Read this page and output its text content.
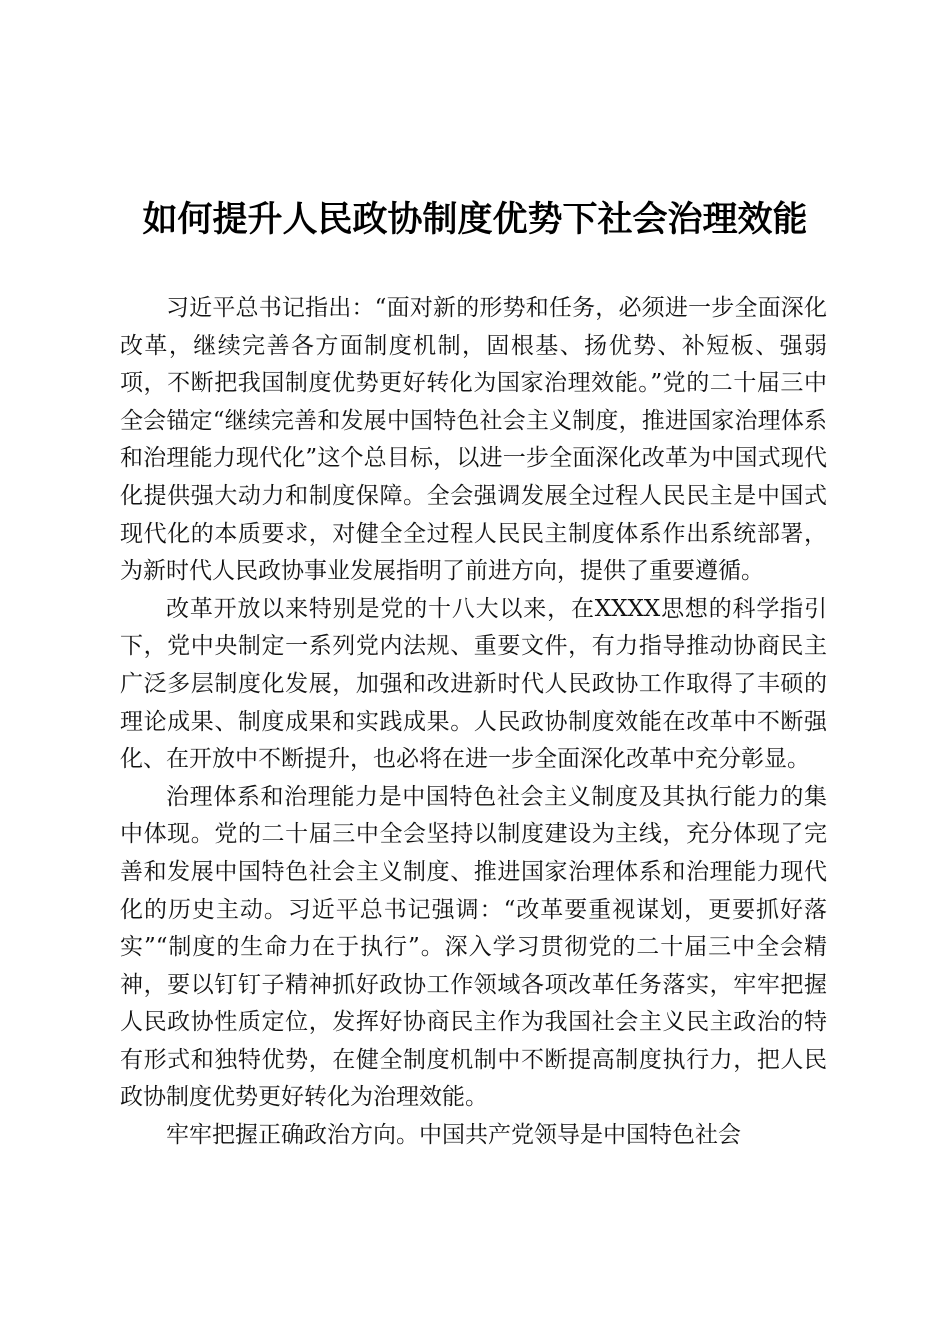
如何提升人民政协制度优势下社会治理效能

习近平总书记指出：“面对新的形势和任务，必须进一步全面深化改革，继续完善各方面制度机制，固根基、扬优势、补短板、强弱项，不断把我国制度优势更好转化为国家治理效能。”党的二十届三中全会锚定“继续完善和发展中国特色社会主义制度，推进国家治理体系和治理能力现代化”这个总目标，以进一步全面深化改革为中国式现代化提供强大动力和制度保障。全会强调发展全过程人民民主是中国式现代化的本质要求，对健全全过程人民民主制度体系作出系统部署，为新时代人民政协事业发展指明了前进方向，提供了重要遵循。

改革开放以来特别是党的十八大以来，在XXXX思想的科学指引下，党中央制定一系列党内法规、重要文件，有力指导推动协商民主广泛多层制度化发展，加强和改进新时代人民政协工作取得了丰硕的理论成果、制度成果和实践成果。人民政协制度效能在改革中不断强化、在开放中不断提升，也必将在进一步全面深化改革中充分彰显。

治理体系和治理能力是中国特色社会主义制度及其执行能力的集中体现。党的二十届三中全会坚持以制度建设为主线，充分体现了完善和发展中国特色社会主义制度、推进国家治理体系和治理能力现代化的历史主动。习近平总书记强调：“改革要重视谋划，更要抓好落实”“制度的生命力在于执行”。深入学习贯彻党的二十届三中全会精神，要以钉钉子精神抓好政协工作领域各项改革任务落实，牢牢把握人民政协性质定位，发挥好协商民主作为我国社会主义民主政治的特有形式和独特优势，在健全制度机制中不断提高制度执行力，把人民政协制度优势更好转化为治理效能。

牢牢把握正确政治方向。中国共产党领导是中国特色社会
